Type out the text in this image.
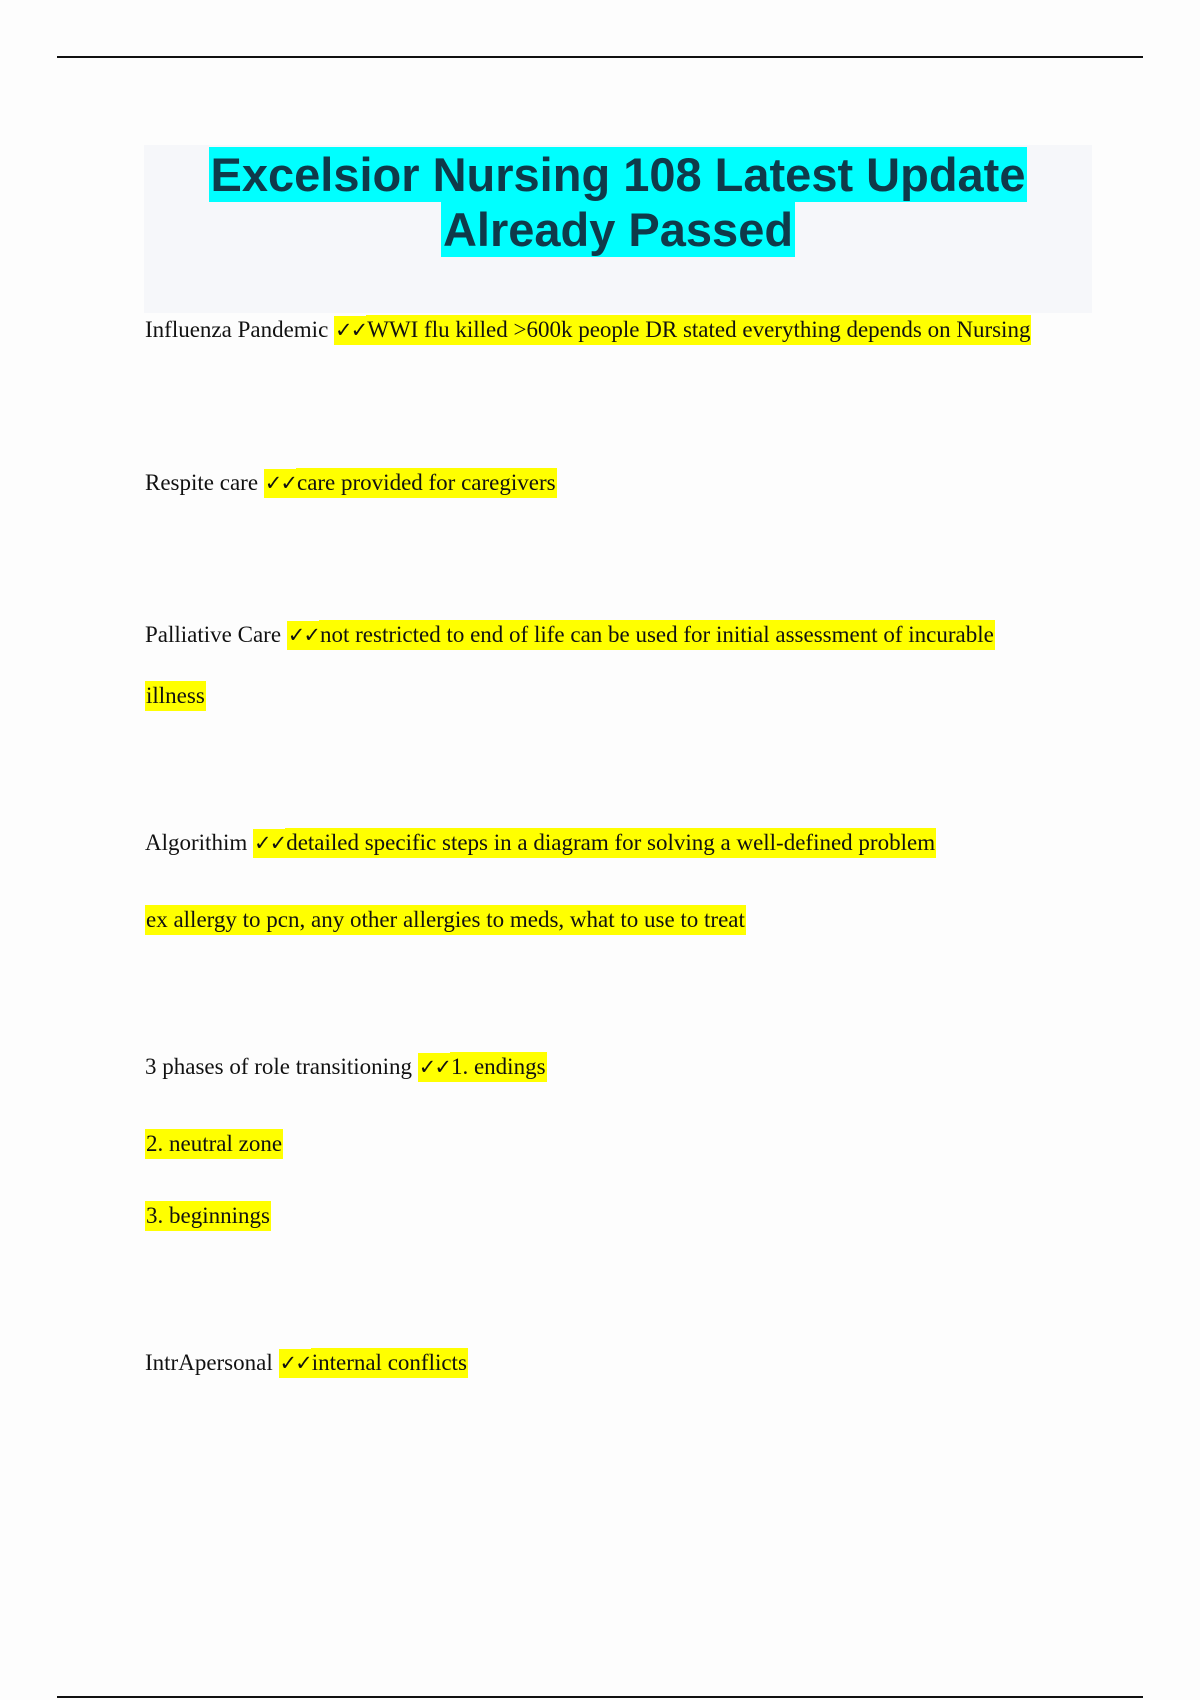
Excelsior Nursing 108 Latest Update
Already Passed
Influenza Pandemic ✓✓WWI flu killed >600k people DR stated everything depends on Nursing
Respite care ✓✓care provided for caregivers
Palliative Care ✓✓not restricted to end of life can be used for initial assessment of incurable
illness
Algorithim ✓✓detailed specific steps in a diagram for solving a well-defined problem
ex allergy to pcn, any other allergies to meds, what to use to treat
3 phases of role transitioning ✓✓1. endings
2. neutral zone
3. beginnings
IntrApersonal ✓✓internal conflicts
